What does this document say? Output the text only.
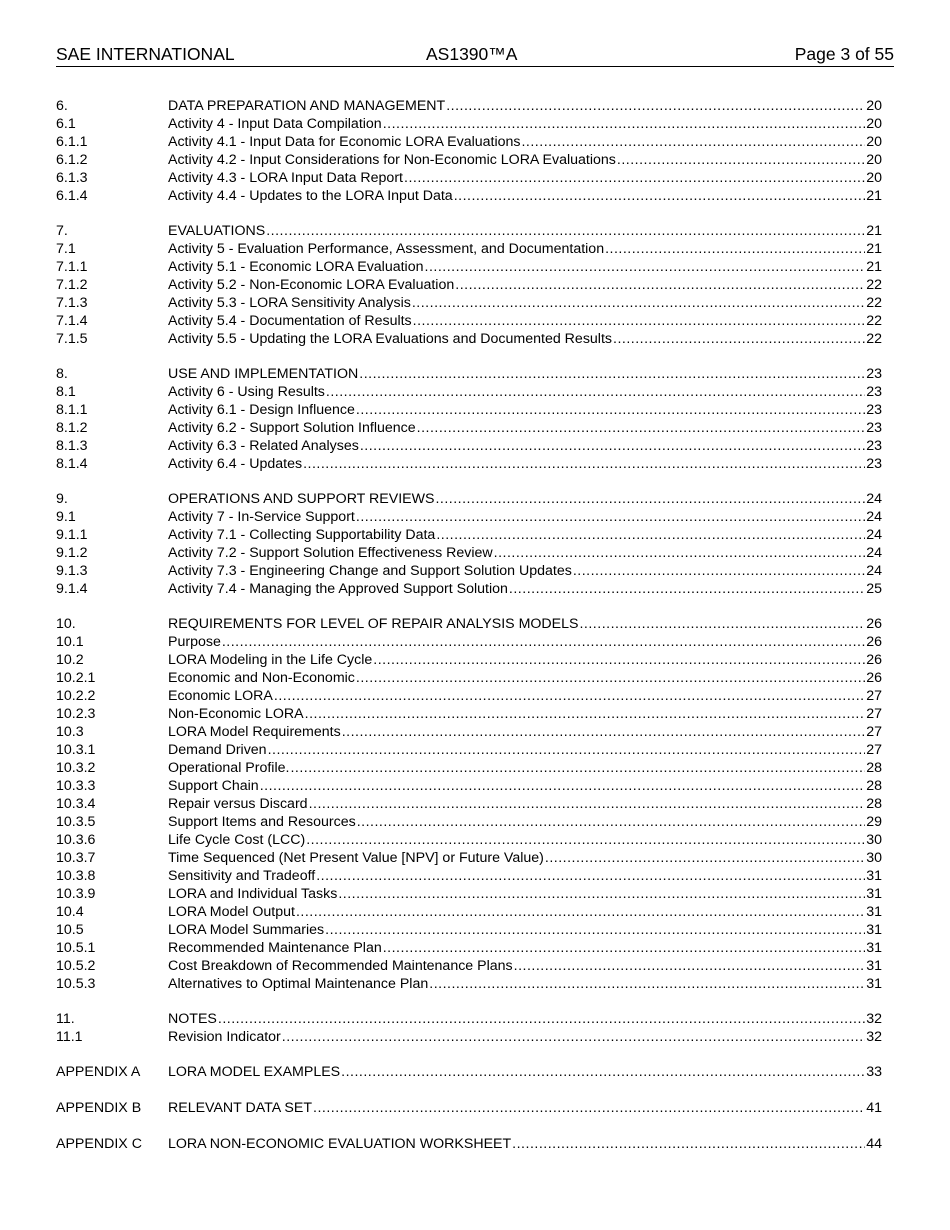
SAE INTERNATIONAL	AS1390™A	Page 3 of 55
6.	DATA PREPARATION AND MANAGEMENT .....	20
6.1	Activity 4 - Input Data Compilation .....	20
6.1.1	Activity 4.1 - Input Data for Economic LORA Evaluations .....	20
6.1.2	Activity 4.2 - Input Considerations for Non-Economic LORA Evaluations .....	20
6.1.3	Activity 4.3 - LORA Input Data Report .....	20
6.1.4	Activity 4.4 - Updates to the LORA Input Data .....	21
7.	EVALUATIONS .....	21
7.1	Activity 5 - Evaluation Performance, Assessment, and Documentation .....	21
7.1.1	Activity 5.1 - Economic LORA Evaluation .....	21
7.1.2	Activity 5.2 - Non-Economic LORA Evaluation .....	22
7.1.3	Activity 5.3 - LORA Sensitivity Analysis .....	22
7.1.4	Activity 5.4 - Documentation of Results .....	22
7.1.5	Activity 5.5 - Updating the LORA Evaluations and Documented Results .....	22
8.	USE AND IMPLEMENTATION .....	23
8.1	Activity 6 - Using Results .....	23
8.1.1	Activity 6.1 - Design Influence .....	23
8.1.2	Activity 6.2 - Support Solution Influence .....	23
8.1.3	Activity 6.3 - Related Analyses .....	23
8.1.4	Activity 6.4 - Updates .....	23
9.	OPERATIONS AND SUPPORT REVIEWS .....	24
9.1	Activity 7 - In-Service Support .....	24
9.1.1	Activity 7.1 - Collecting Supportability Data .....	24
9.1.2	Activity 7.2 - Support Solution Effectiveness Review .....	24
9.1.3	Activity 7.3 - Engineering Change and Support Solution Updates .....	24
9.1.4	Activity 7.4 - Managing the Approved Support Solution .....	25
10.	REQUIREMENTS FOR LEVEL OF REPAIR ANALYSIS MODELS .....	26
10.1	Purpose .....	26
10.2	LORA Modeling in the Life Cycle .....	26
10.2.1	Economic and Non-Economic .....	26
10.2.2	Economic LORA .....	27
10.2.3	Non-Economic LORA .....	27
10.3	LORA Model Requirements .....	27
10.3.1	Demand Driven .....	27
10.3.2	Operational Profile. .....	28
10.3.3	Support Chain .....	28
10.3.4	Repair versus Discard .....	28
10.3.5	Support Items and Resources .....	29
10.3.6	Life Cycle Cost (LCC) .....	30
10.3.7	Time Sequenced (Net Present Value [NPV] or Future Value) .....	30
10.3.8	Sensitivity and Tradeoff .....	31
10.3.9	LORA and Individual Tasks .....	31
10.4	LORA Model Output .....	31
10.5	LORA Model Summaries .....	31
10.5.1	Recommended Maintenance Plan .....	31
10.5.2	Cost Breakdown of Recommended Maintenance Plans .....	31
10.5.3	Alternatives to Optimal Maintenance Plan .....	31
11.	NOTES .....	32
11.1	Revision Indicator .....	32
APPENDIX A	LORA MODEL EXAMPLES .....	33
APPENDIX B	RELEVANT DATA SET .....	41
APPENDIX C	LORA NON-ECONOMIC EVALUATION WORKSHEET .....	44
